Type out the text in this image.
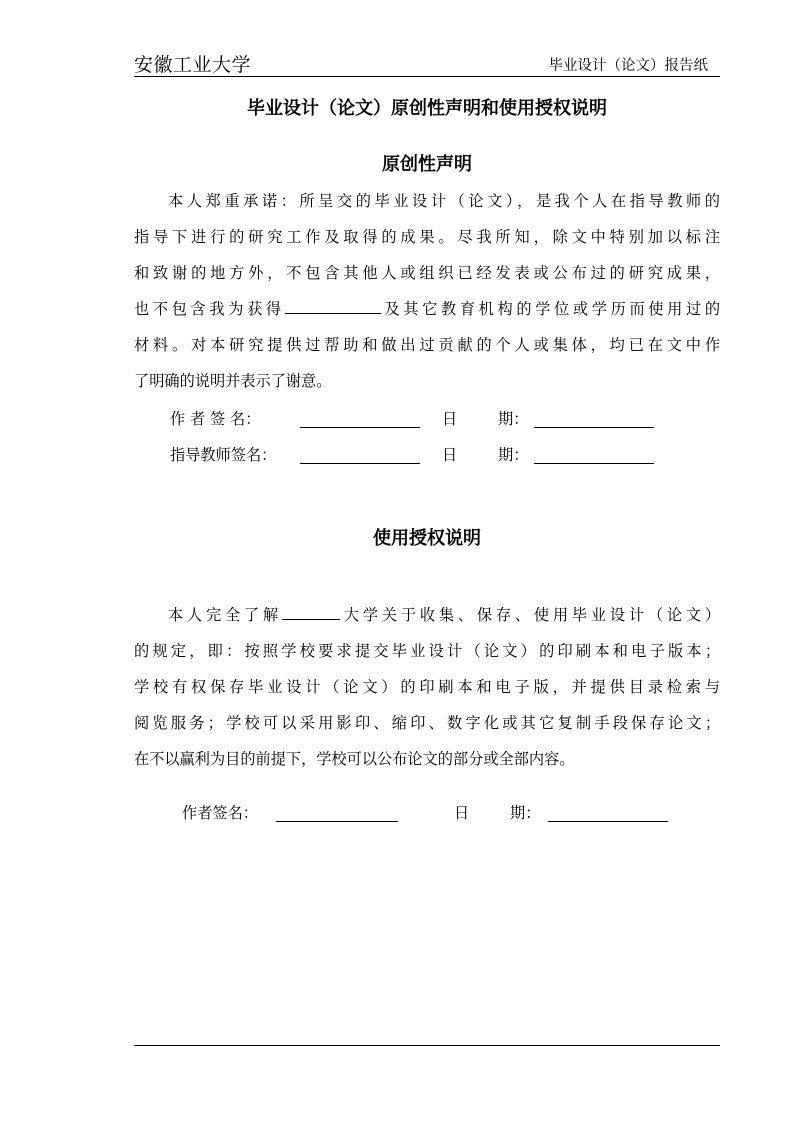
安徽工业大学	毕业设计（论文）报告纸
毕业设计（论文）原创性声明和使用授权说明
原创性声明
本人郑重承诺：所呈交的毕业设计（论文），是我个人在指导教师的
指导下进行的研究工作及取得的成果。尽我所知，除文中特别加以标注
和致谢的地方外，不包含其他人或组织已经发表或公布过的研究成果，
也不包含我为获得	及其它教育机构的学位或学历而使用过的
材料。对本研究提供过帮助和做出过贡献的个人或集体，均已在文中作
了明确的说明并表示了谢意。
作 者 签 名：	日	期：
指导教师签名：	日	期：
使用授权说明
本人完全了解	大学关于收集、保存、使用毕业设计（论文）
的规定，即：按照学校要求提交毕业设计（论文）的印刷本和电子版本；
学校有权保存毕业设计（论文）的印刷本和电子版，并提供目录检索与
阅览服务；学校可以采用影印、缩印、数字化或其它复制手段保存论文；
在不以赢利为目的前提下，学校可以公布论文的部分或全部内容。
作者签名：	日	期：
